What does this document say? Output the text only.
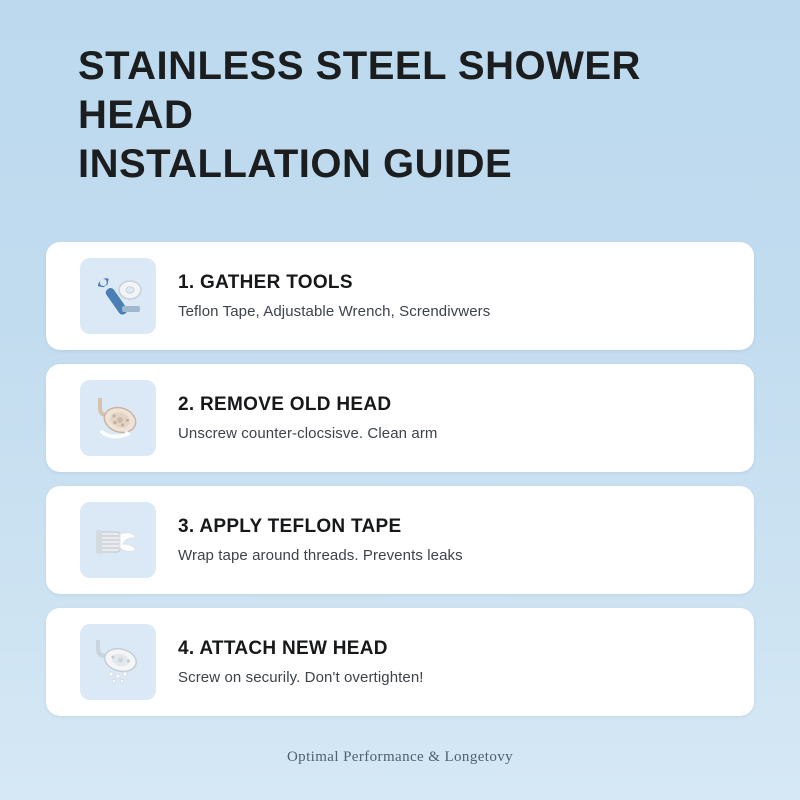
STAINLESS STEEL SHOWER HEAD
INSTALLATION GUIDE
1. GATHER TOOLS
Teflon Tape, Adjustable Wrench, Screndivwers
2. REMOVE OLD HEAD
Unscrew counter-clocsisve. Clean arm
3. APPLY TEFLON TAPE
Wrap tape around threads. Prevents leaks
4. ATTACH NEW HEAD
Screw on securily. Don't overtighten!
Optimal Performance & Longetovy
